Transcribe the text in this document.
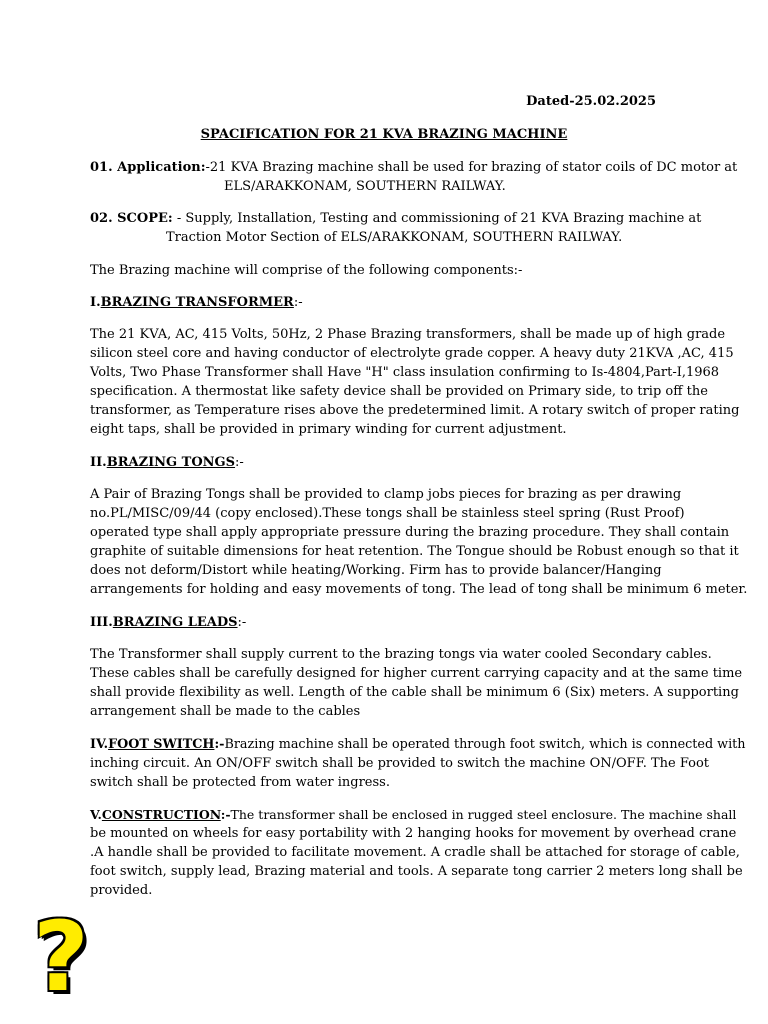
Dated-25.02.2025
SPACIFICATION FOR 21 KVA BRAZING MACHINE
01. Application:-21 KVA Brazing machine shall be used for brazing of stator coils of DC motor at
ELS/ARAKKONAM, SOUTHERN RAILWAY.
02. SCOPE: - Supply, Installation, Testing and commissioning of 21 KVA Brazing machine at
Traction Motor Section of ELS/ARAKKONAM, SOUTHERN RAILWAY.
The Brazing machine will comprise of the following components:-
I.BRAZING TRANSFORMER:-
The 21 KVA, AC, 415 Volts, 50Hz, 2 Phase Brazing transformers, shall be made up of high grade
silicon steel core and having conductor of electrolyte grade copper. A heavy duty 21KVA ,AC, 415
Volts, Two Phase Transformer shall Have "H" class insulation confirming to Is-4804,Part-I,1968
specification. A thermostat like safety device shall be provided on Primary side, to trip off the
transformer, as Temperature rises above the predetermined limit. A rotary switch of proper rating
eight taps, shall be provided in primary winding for current adjustment.
II.BRAZING TONGS:-
A Pair of Brazing Tongs shall be provided to clamp jobs pieces for brazing as per drawing
no.PL/MISC/09/44 (copy enclosed).These tongs shall be stainless steel spring (Rust Proof)
operated type shall apply appropriate pressure during the brazing procedure. They shall contain
graphite of suitable dimensions for heat retention. The Tongue should be Robust enough so that it
does not deform/Distort while heating/Working. Firm has to provide balancer/Hanging
arrangements for holding and easy movements of tong. The lead of tong shall be minimum 6 meter.
III.BRAZING LEADS:-
The Transformer shall supply current to the brazing tongs via water cooled Secondary cables.
These cables shall be carefully designed for higher current carrying capacity and at the same time
shall provide flexibility as well. Length of the cable shall be minimum 6 (Six) meters. A supporting
arrangement shall be made to the cables
IV.FOOT SWITCH:-Brazing machine shall be operated through foot switch, which is connected with
inching circuit. An ON/OFF switch shall be provided to switch the machine ON/OFF. The Foot
switch shall be protected from water ingress.
V.CONSTRUCTION:-The transformer shall be enclosed in rugged steel enclosure. The machine shall
be mounted on wheels for easy portability with 2 hanging hooks for movement by overhead crane
.A handle shall be provided to facilitate movement. A cradle shall be attached for storage of cable,
foot switch, supply lead, Brazing material and tools. A separate tong carrier 2 meters long shall be
provided.
?
